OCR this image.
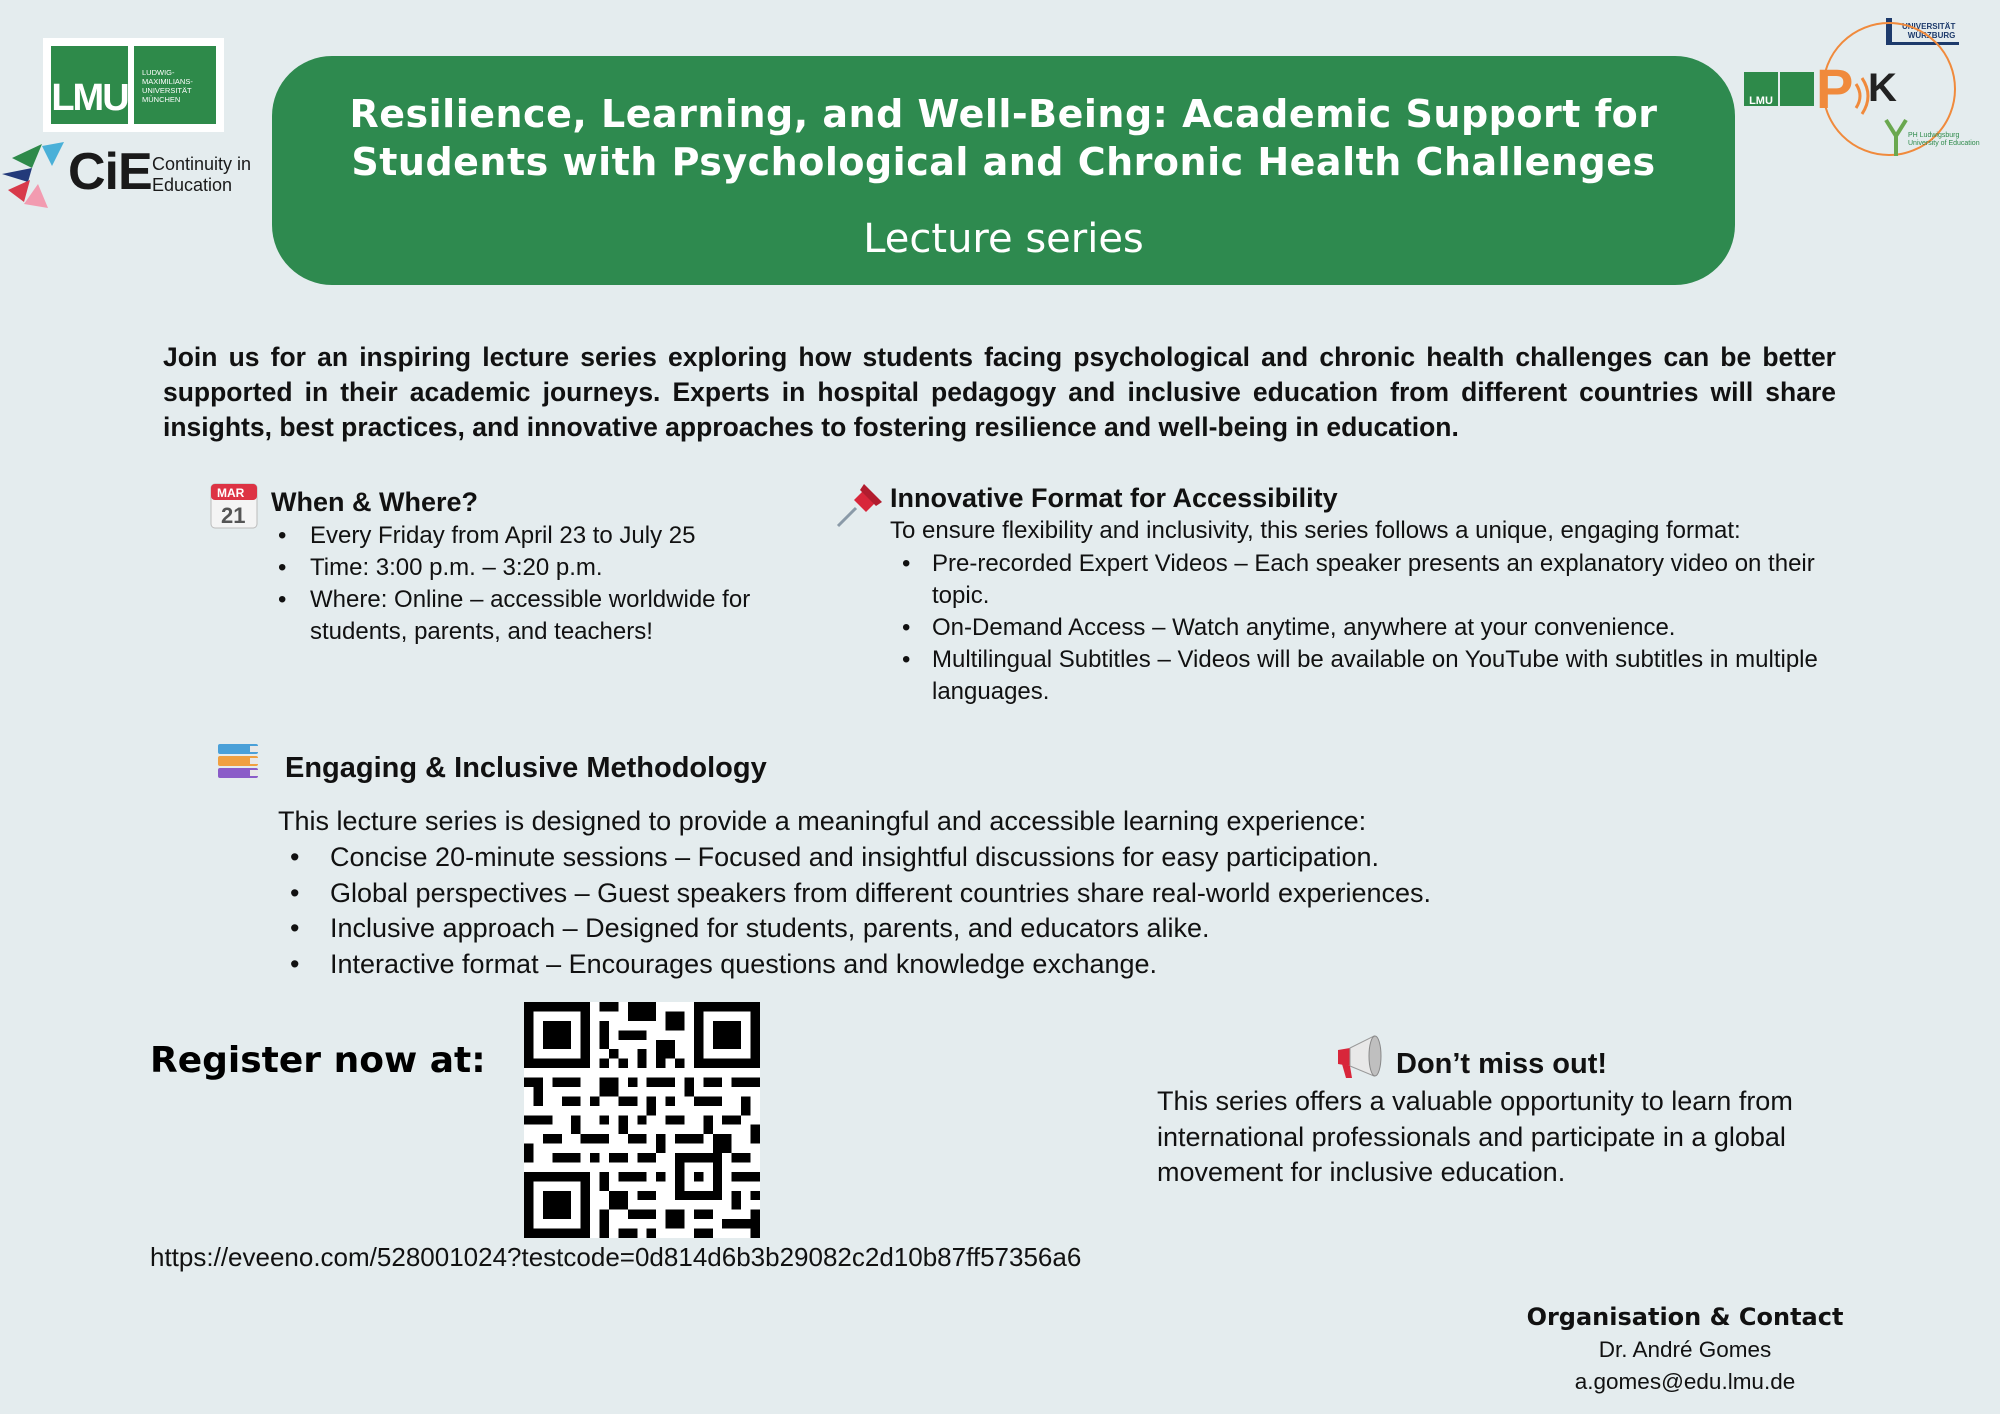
LMU
LUDWIG-
MAXIMILIANS-
UNIVERSITÄT
MÜNCHEN
CiE Continuity in
Education
Resilience, Learning, and Well-Being: Academic Support for
Students with Psychological and Chronic Health Challenges
Lecture series
UNIVERSITÄT
WÜRZBURG
LMU P K
PH Ludwigsburg
University of Education
Join us for an inspiring lecture series exploring how students facing psychological and chronic health challenges can be better supported in their academic journeys. Experts in hospital pedagogy and inclusive education from different countries will share insights, best practices, and innovative approaches to fostering resilience and well-being in education.
MAR
21 When & Where?
• Every Friday from April 23 to July 25
• Time: 3:00 p.m. – 3:20 p.m.
• Where: Online – accessible worldwide for students, parents, and teachers!
Innovative Format for Accessibility
To ensure flexibility and inclusivity, this series follows a unique, engaging format:
• Pre-recorded Expert Videos – Each speaker presents an explanatory video on their topic.
• On-Demand Access – Watch anytime, anywhere at your convenience.
• Multilingual Subtitles – Videos will be available on YouTube with subtitles in multiple languages.
Engaging & Inclusive Methodology
This lecture series is designed to provide a meaningful and accessible learning experience:
• Concise 20-minute sessions – Focused and insightful discussions for easy participation.
• Global perspectives – Guest speakers from different countries share real-world experiences.
• Inclusive approach – Designed for students, parents, and educators alike.
• Interactive format – Encourages questions and knowledge exchange.
Register now at:
https://eveeno.com/528001024?testcode=0d814d6b3b29082c2d10b87ff57356a6
Don’t miss out!
This series offers a valuable opportunity to learn from international professionals and participate in a global movement for inclusive education.
Organisation & Contact
Dr. André Gomes
a.gomes@edu.lmu.de
